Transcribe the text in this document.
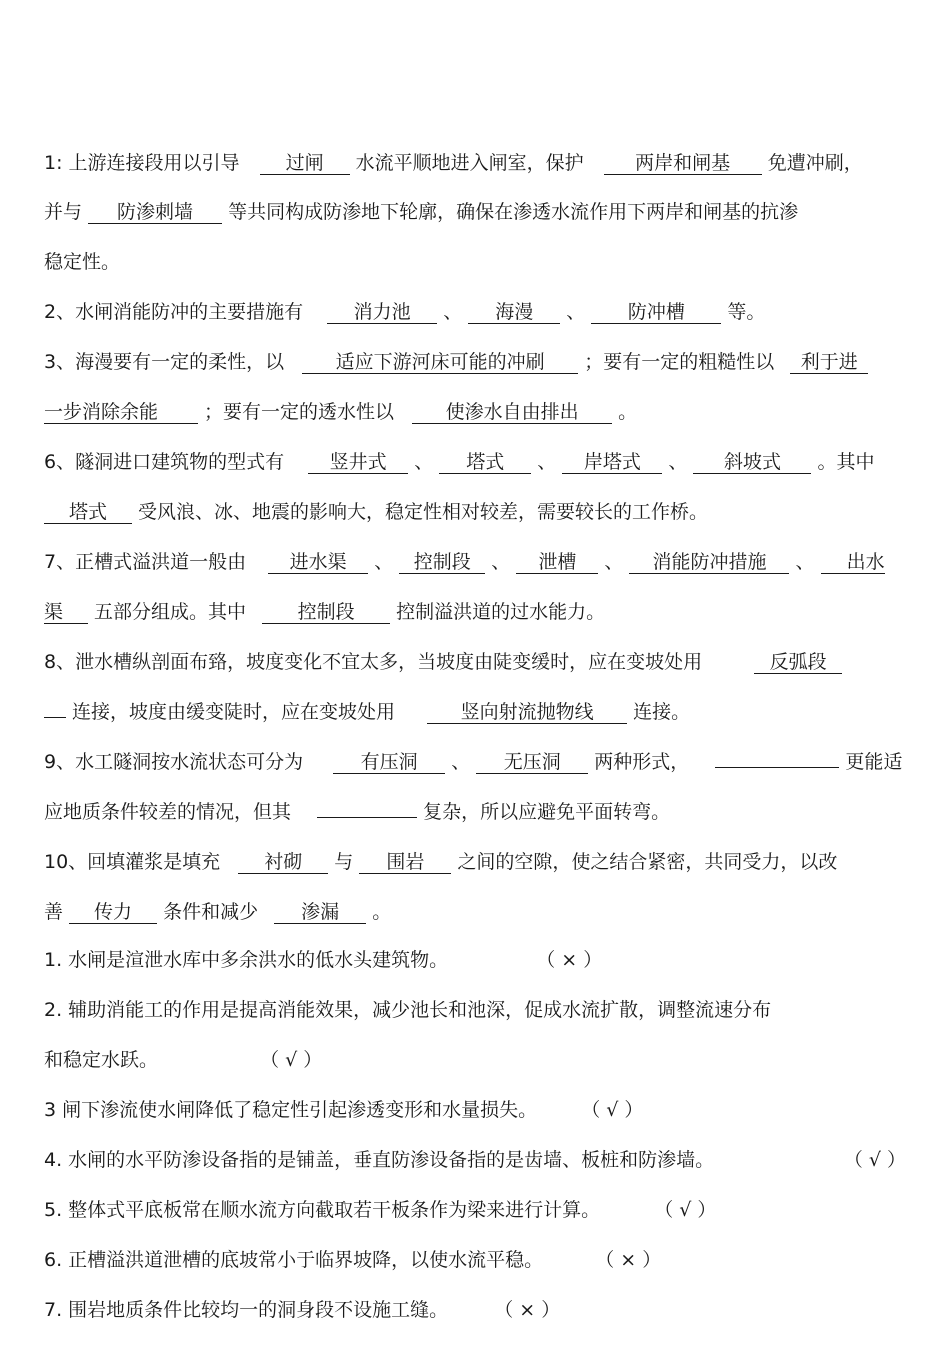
1: 上游连接段用以引导 过闸 水流平顺地进入闸室，保护	两岸和闸基 免遭冲刷，
并与 防渗刺墙 等共同构成防渗地下轮廓，确保在渗透水流作用下两岸和闸基的抗渗
稳定性。
2、水闸消能防冲的主要措施有	消力池 、 海漫 、 防冲槽 等。
3、海漫要有一定的柔性，以	适应下游河床可能的冲刷 ；要有一定的粗糙性以 利于进
一步消除余能 ；要有一定的透水性以	使渗水自由排出 。
6、隧洞进口建筑物的型式有 竖井式 、 塔式 、 岸塔式 、 斜坡式 。其中
塔式 受风浪、冰、地震的影响大，稳定性相对较差，需要较长的工作桥。
7、正槽式溢洪道一般由 进水渠 、 控制段 、 泄槽 、 消能防冲措施 、 出水
渠 五部分组成。其中	控制段 控制溢洪道的过水能力。
8、泄水槽纵剖面布臵，坡度变化不宜太多，当坡度由陡变缓时，应在变坡处用	反弧段
连接，坡度由缓变陡时，应在变坡处用	竖向射流抛物线 连接。
9、水工隧洞按水流状态可分为	有压洞 、 无压洞 两种形式，	更能适
应地质条件较差的情况，但其	复杂，所以应避免平面转弯。
10、回填灌浆是填充 衬砌 与 围岩 之间的空隙，使之结合紧密，共同受力，以改
善 传力 条件和减少 渗漏 。
1. 水闸是渲泄水库中多余洪水的低水头建筑物。	（ × ）
2. 辅助消能工的作用是提高消能效果，减少池长和池深，促成水流扩散，调整流速分布
和稳定水跃。	（ √ ）
3 闸下渗流使水闸降低了稳定性引起渗透变形和水量损失。 （ √ ）
4. 水闸的水平防渗设备指的是铺盖，垂直防渗设备指的是齿墙、板桩和防渗墙。	（ √ ）
5. 整体式平底板常在顺水流方向截取若干板条作为梁来进行计算。	（ √ ）
6. 正槽溢洪道泄槽的底坡常小于临界坡降，以使水流平稳。	（ × ）
7. 围岩地质条件比较均一的洞身段不设施工缝。 （ × ）
